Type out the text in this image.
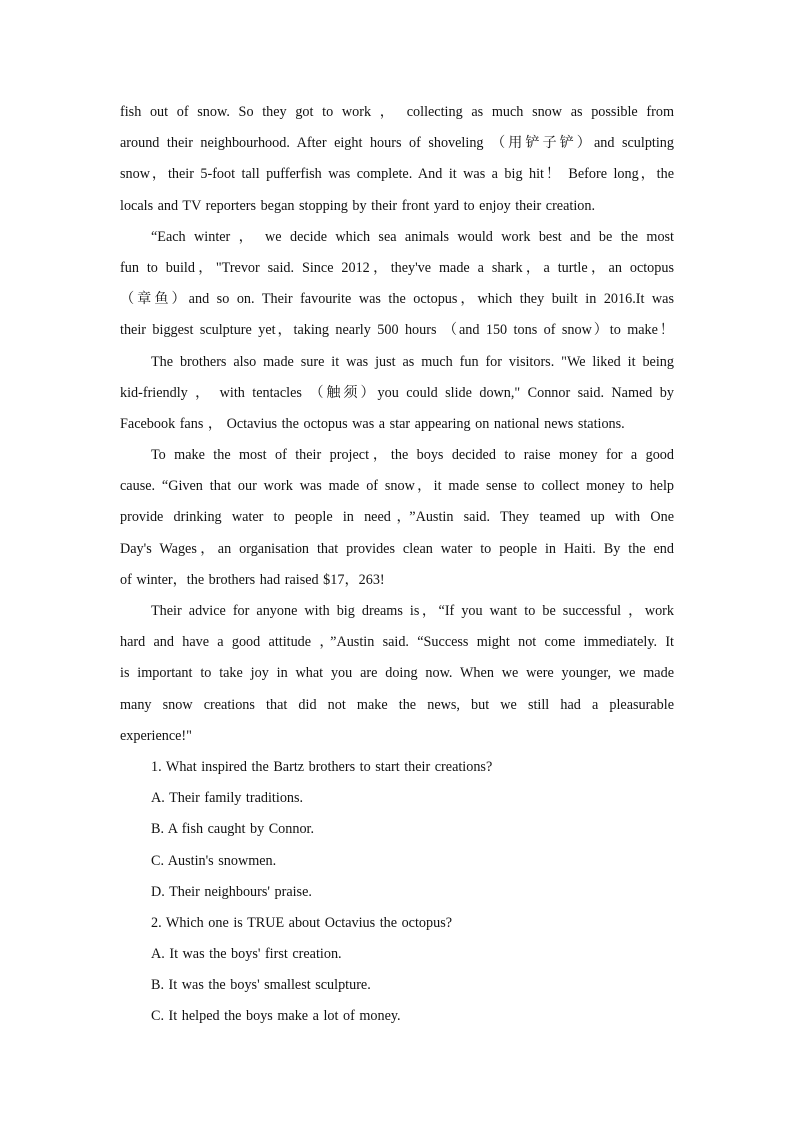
fish out of snow. So they got to work ， collecting as much snow as possible from
around their neighbourhood. After eight hours of shoveling （用铲子铲）and sculpting
snow，their 5-foot tall pufferfish was complete. And it was a big hit！ Before long，the
locals and TV reporters began stopping by their front yard to enjoy their creation.
“Each winter ， we decide which sea animals would work best and be the most
fun to build，"Trevor said. Since 2012，they've made a shark，a turtle，an octopus
（章鱼）and so on. Their favourite was the octopus，which they built in 2016.It was
their biggest sculpture yet，taking nearly 500 hours （and 150 tons of snow）to make！
The brothers also made sure it was just as much fun for visitors. "We liked it being
kid-friendly ， with tentacles （触须）you could slide down," Connor said. Named by
Facebook fans ， Octavius the octopus was a star appearing on national news stations.
To make the most of their project，the boys decided to raise money for a good
cause. “Given that our work was made of snow，it made sense to collect money to help
provide drinking water to people in need，”Austin said. They teamed up with One
Day's Wages，an organisation that provides clean water to people in Haiti. By the end
of winter，the brothers had raised $17，263!
Their advice for anyone with big dreams is，“If you want to be successful ，work
hard and have a good attitude ，”Austin said. “Success might not come immediately. It
is important to take joy in what you are doing now. When we were younger, we made
many snow creations that did not make the news, but we still had a pleasurable
experience!"
1. What inspired the Bartz brothers to start their creations?
A. Their family traditions.
B. A fish caught by Connor.
C. Austin's snowmen.
D. Their neighbours' praise.
2. Which one is TRUE about Octavius the octopus?
A. It was the boys' first creation.
B. It was the boys' smallest sculpture.
C. It helped the boys make a lot of money.
